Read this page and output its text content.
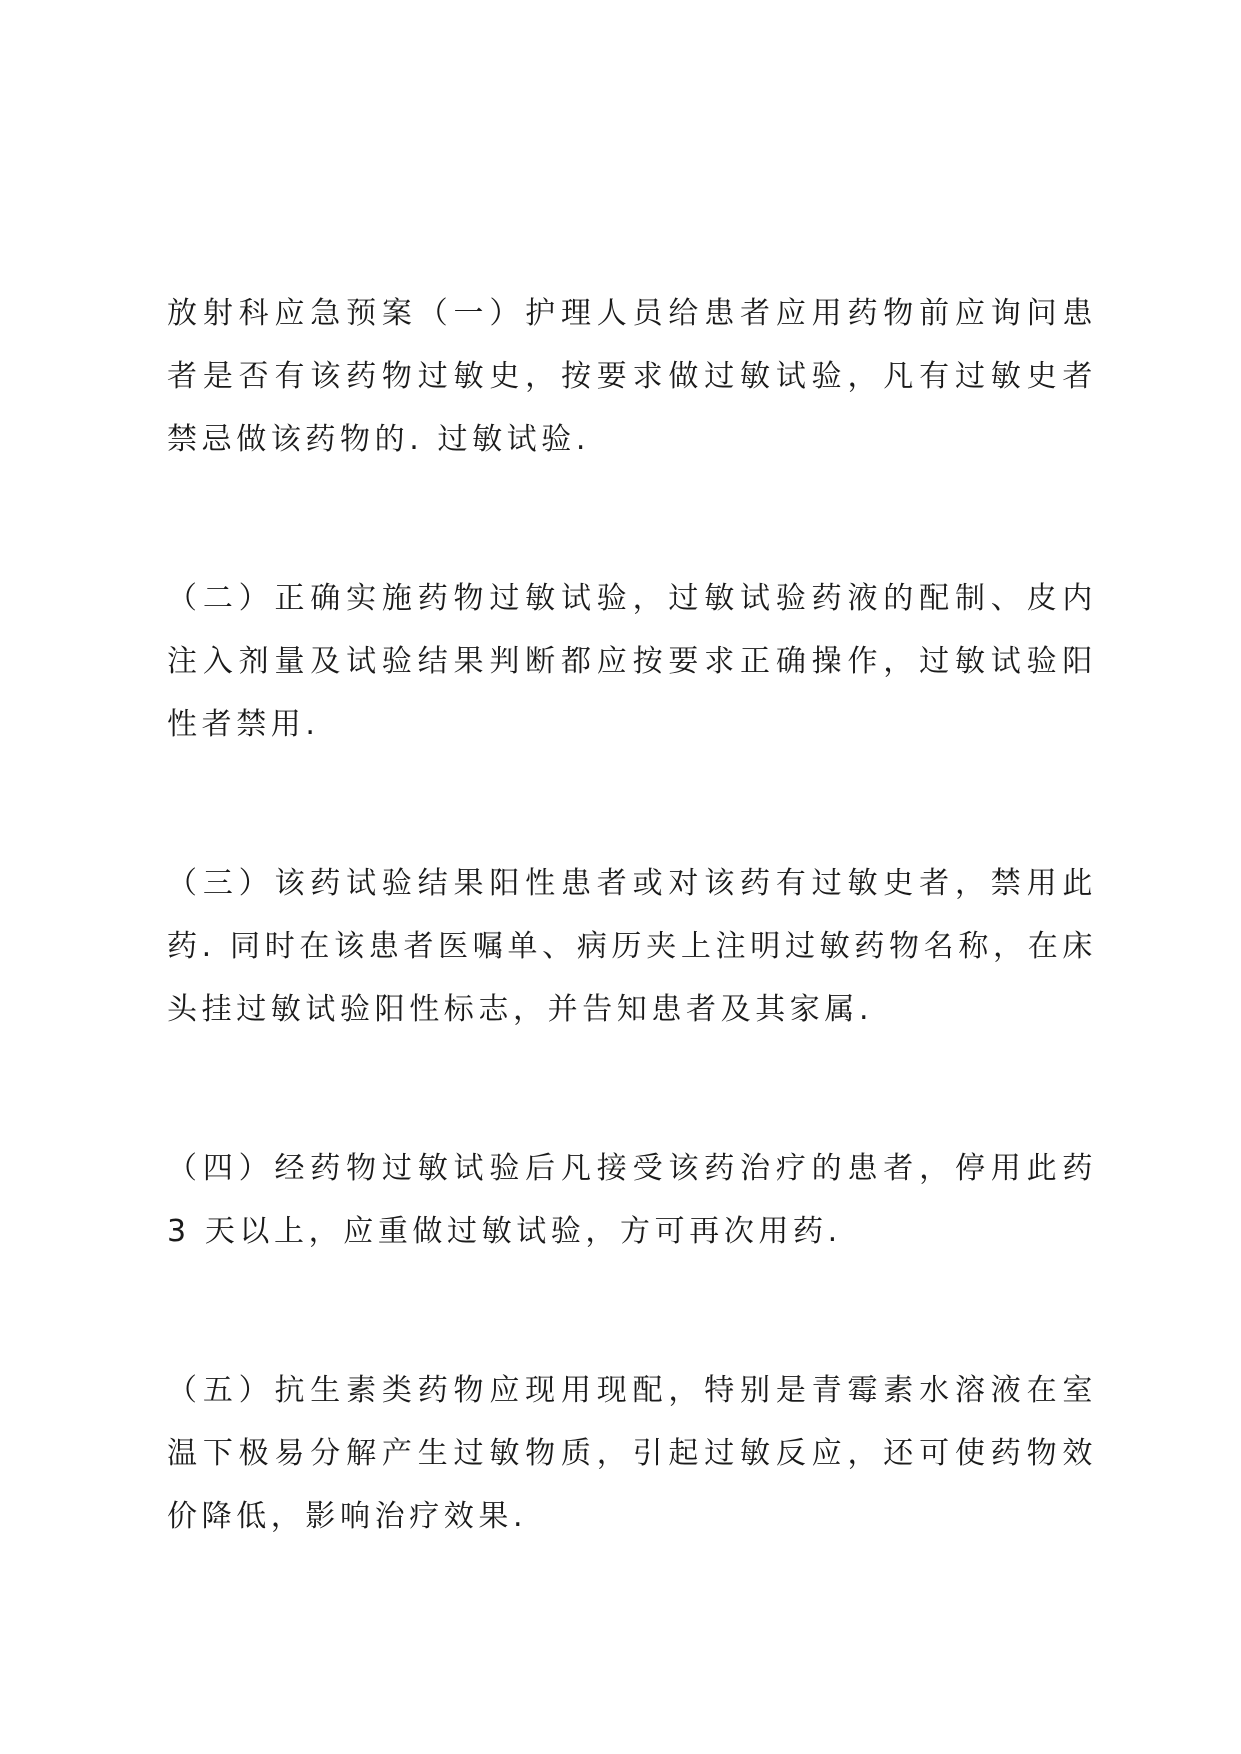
放射科应急预案（一）护理人员给患者应用药物前应询问患者是否有该药物过敏史，按要求做过敏试验，凡有过敏史者禁忌做该药物的. 过敏试验.

（二）正确实施药物过敏试验，过敏试验药液的配制、皮内注入剂量及试验结果判断都应按要求正确操作，过敏试验阳性者禁用.

（三）该药试验结果阳性患者或对该药有过敏史者，禁用此药. 同时在该患者医嘱单、病历夹上注明过敏药物名称，在床头挂过敏试验阳性标志，并告知患者及其家属.

（四）经药物过敏试验后凡接受该药治疗的患者，停用此药 3 天以上，应重做过敏试验，方可再次用药.

（五）抗生素类药物应现用现配，特别是青霉素水溶液在室温下极易分解产生过敏物质，引起过敏反应，还可使药物效价降低，影响治疗效果.
